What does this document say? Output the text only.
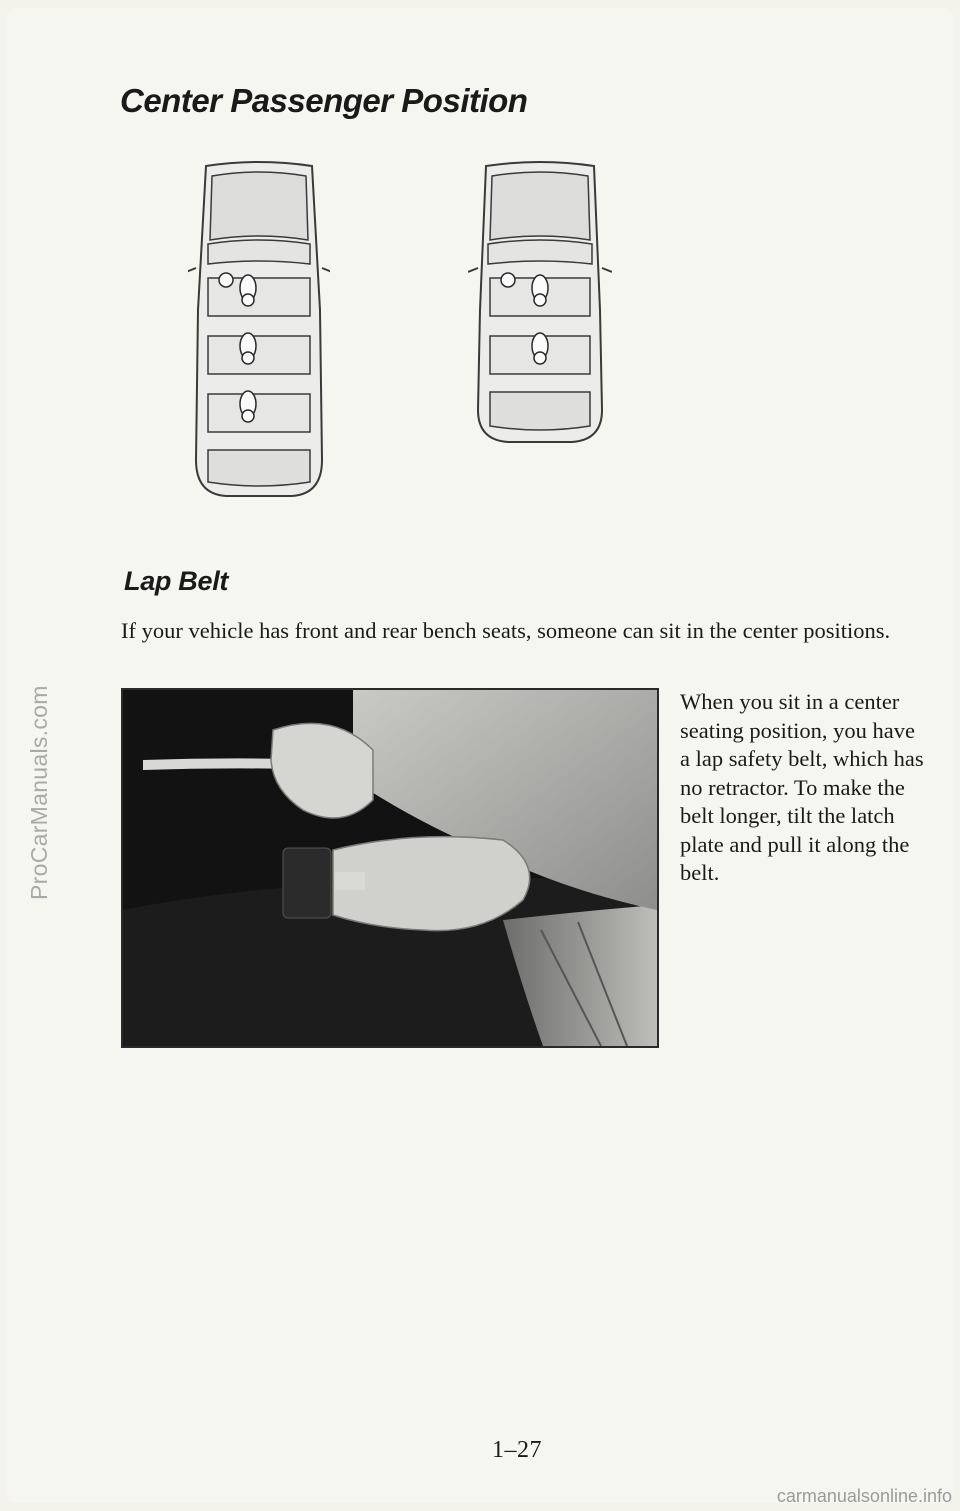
ProCarManuals.com
Center Passenger Position
Lap Belt

If your vehicle has front and rear bench seats, someone can sit in the center positions.

When you sit in a center seating position, you have a lap safety belt, which has no retractor. To make the belt longer, tilt the latch plate and pull it along the belt.

1–27
carmanualsonline.info
